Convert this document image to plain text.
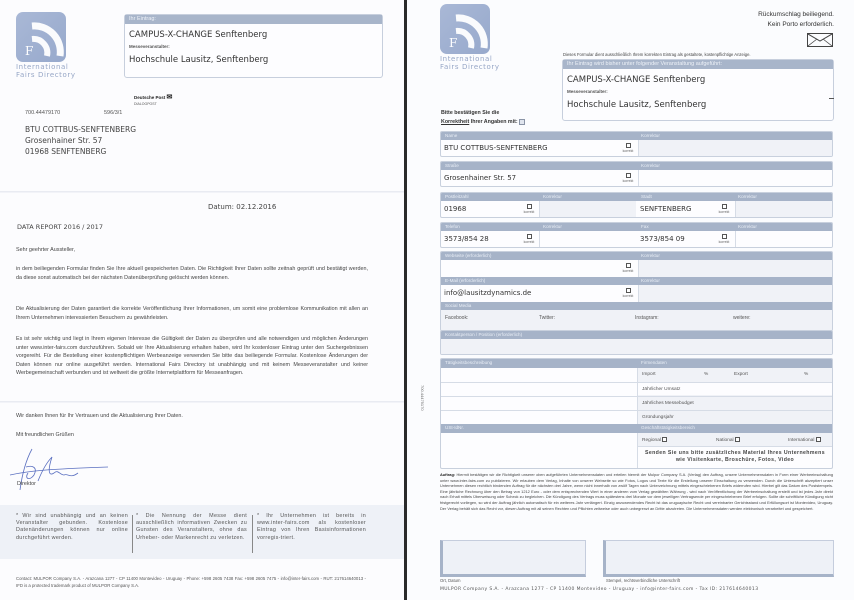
F
International
Fairs Directory
Ihr Eintrag:
CAMPUS-X-CHANGE Senftenberg
Messeveranstalter:
Hochschule Lausitz, Senftenberg
Deutsche Post ✉
DIALOGPOST
700.44479170	596/3/1
BTU COTTBUS-SENFTENBERG
Grosenhainer Str. 57
01968 SENFTENBERG
Datum: 02.12.2016
DATA REPORT 2016 / 2017
Sehr geehrter Aussteller,
in dem beiliegenden Formular finden Sie Ihre aktuell gespeicherten Daten. Die Richtigkeit Ihrer Daten sollte zeitnah geprüft und bestätigt werden, da diese sonst automatisch bei der nächsten Datenüberprüfung gelöscht werden können.
Die Aktualisierung der Daten garantiert die korrekte Veröffentlichung Ihrer Informationen, um somit eine problemlose Kommunikation mit allen an Ihrem Unternehmen interessierten Besuchern zu gewährleisten.
Es ist sehr wichtig und liegt in Ihrem eigenen Interesse die Gültigkeit der Daten zu überprüfen und alle notwendigen und möglichen Änderungen unter www.inter-fairs.com durchzuführen. Sobald wir Ihre Aktualisierung erhalten haben, wird Ihr kostenloser Eintrag unter den Suchergebnissen vorgereiht. Für die Bestellung einer kostenpflichtigen Werbeanzeige verwenden Sie bitte das beiliegende Formular. Kostenlose Änderungen der Daten können nur online ausgeführt werden. International Fairs Directory ist unabhängig und mit keinem Messeveranstalter und keiner Werbegemeinschaft verbunden und ist weltweit die größte Internetplattform für Messeanfragen.
Wir danken Ihnen für Ihr Vertrauen und die Aktualisierung Ihrer Daten.
Mit freundlichen Grüßen
Direktor
* Wir sind unabhängig und an keinen Veranstalter gebunden. Kostenlose Datenänderungen können nur online durchgeführt werden.
* Die Nennung der Messe dient ausschließlich informativen Zwecken zu Gunsten des Veranstalters, ohne das Urheber- oder Markenrecht zu verletzen.
* Ihr Unternehmen ist bereits in www.inter-fairs.com als kostenloser Eintrag von Ihren Basisinformationen vorregis-triert.
Contact: MULPOR Company S.A. - Arazcana 1277 - CP 11400 Montevideo - Uruguay - Phone: +598 2605 7438 Fax: +598 2605 7475 - info@inter-fairs.com - RUT: 217614640013 - IFD is a protected trademark product of MULPOR Company S.A.
F
International
Fairs Directory
Rückumschlag beiliegend.
Kein Porto erforderlich.
Dieses Formular dient ausschließlich Ihrem korrekten Eintrag als gestaltete, kostenpflichtige Anzeige.
Ihr Eintrag wird bisher unter folgender Veranstaltung aufgeführt:
CAMPUS-X-CHANGE Senftenberg
Messeveranstalter:
Hochschule Lausitz, Senftenberg
Bitte bestätigen Sie die
Korrektheit Ihrer Angaben mit:
Name	Korrektur
BTU COTTBUS-SENFTENBERG	korrekt
Straße	Korrektur
Grosenhainer Str. 57	korrekt
Postleitzahl	Korrektur	Stadt	Korrektur
01968	korrekt	SENFTENBERG	korrekt
Telefon	Korrektur	Fax	Korrektur
3573/854 28	korrekt	3573/854 09	korrekt
Webseite (erforderlich)	Korrektur
korrekt
E-Mail (erforderlich)	Korrektur
info@lausitzdynamics.de	korrekt
Social Media
Facebook:	Twitter:	Instagram:	weitere:
Kontaktperson / Position (erforderlich)
700.44479170
Tätigkeitsbeschreibung	Firmendaten
Import	%	Export	%
Jährlicher Umsatz
Jährliches Messebudget
Gründungsjahr
USt-IdNr.	Geschäftstätigkeitsbereich
Regional	National	International
Senden Sie uns bitte zusätzliches Material Ihres Unternehmens
wie Visitenkarte, Broschüre, Fotos, Video
Auftrag: Hiermit bestätigen wir die Richtigkeit unserer oben aufgeführten Unternehmensdaten und erteilen hiermit der Mulpor Company S.A. (Verlag) den Auftrag, unsere Unternehmensdaten in Form einer Werbeeinschaltung unter www.inter-fairs.com zu publizieren. Wir erlauben dem Verlag, Inhalte von unserer Webseite so wie Fotos, Logos und Texte für die Erstellung unserer Einschaltung zu verwenden. Durch die Unterschrift akzeptiert unser Unternehmen diesen rechtlich bindenden Auftrag für die nächsten drei Jahre, wenn nicht innerhalb von zwölf Tagen nach Unterzeichnung mittels eingeschriebenen Briefs widerrufen wird. Hierbei gilt das Datum des Poststempels. Eine jährliche Rechnung über den Betrag von 1212 Euro - oder dem entsprechenden Wert in einer anderen vom Verlag gewählten Währung - wird nach Veröffentlichung der Werbeeinschaltung erstellt und ist jedes Jahr direkt nach Erhalt mittels Überweisung oder Scheck zu begleichen. Die Kündigung des Vertrags muss spätestens drei Monate vor dem jeweiligen Vertragsende per eingeschriebenen Brief erfolgen. Sollte die schriftliche Kündigung nicht fristgerecht vorliegen, so wird der Auftrag jährlich automatisch für ein weiteres Jahr verlängert. Einzig anzuwendendes Recht ist das uruguayische Recht und vereinbarter Gerichtsstand und Erfüllungsort ist Montevideo, Uruguay. Der Verlag behält sich das Recht vor, diesen Auftrag mit all seinen Rechten und Pflichten zeitweise oder auch unbegrenzt an Dritte abzutreten. Die Unternehmensdaten werden elektronisch verarbeitet und gespeichert.
Ort, Datum	Stempel, rechtsverbindliche Unterschrift
MULPOR Company S.A. - Arazcana 1277 - CP 11400 Montevideo - Uruguay - info@inter-fairs.com - Tax ID: 217614640013
